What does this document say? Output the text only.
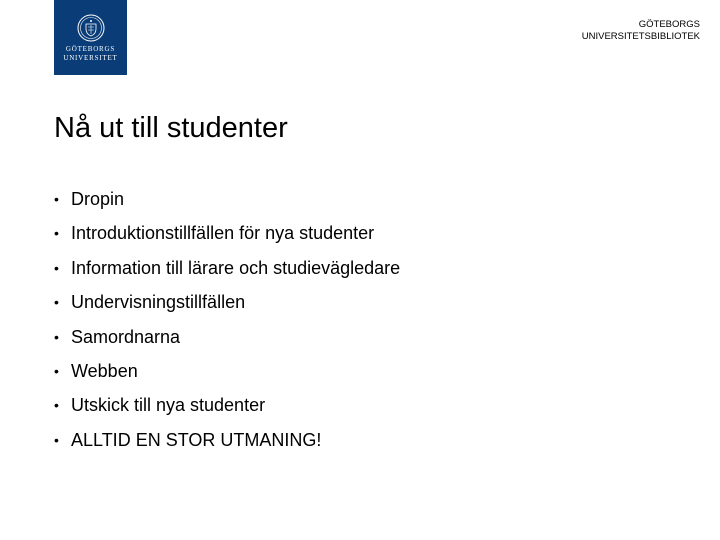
GÖTEBORGS
UNIVERSITET
GÖTEBORGS
UNIVERSITETSBIBLIOTEK
Nå ut till studenter
• Dropin
• Introduktionstillfällen för nya studenter
• Information till lärare och studievägledare
• Undervisningstillfällen
• Samordnarna
• Webben
• Utskick till nya studenter
• ALLTID EN STOR UTMANING!
